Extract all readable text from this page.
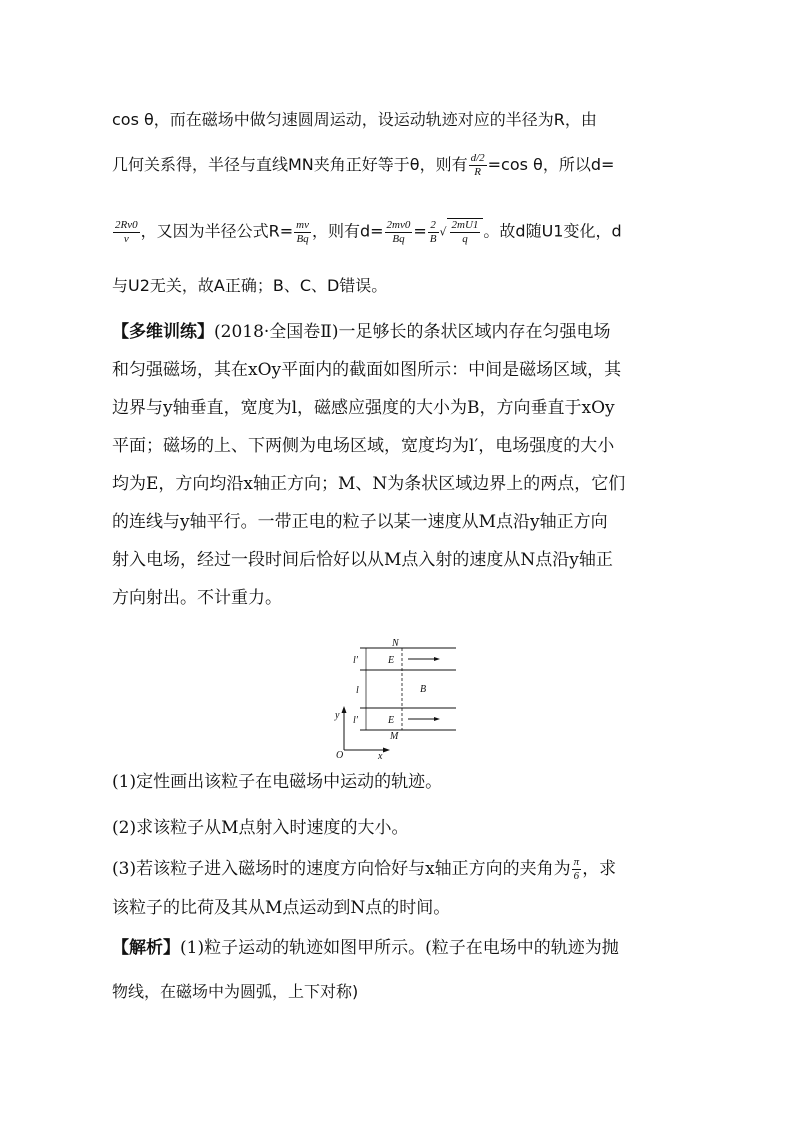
cos θ，而在磁场中做匀速圆周运动，设运动轨迹对应的半径为R，由
几何关系得，半径与直线MN夹角正好等于θ，则有 $\frac{d/2}{R} =\cos$ θ，所以d=
$\frac{2Rv0}{v}$ ，又因为半径公式$R= \frac{mv}{Bq}$ ，则有$d= \frac{2mv0}{Bq} = \frac{2}{B}$ √ $\frac{2mU1}{q}$ 。故d随U1变化，d
与U2无关，故A正确；B、C、D错误。
【多维训练】(2018·全国卷Ⅱ)一足够长的条状区域内存在匀强电场
和匀强磁场，其在xOy平面内的截面如图所示：中间是磁场区域，其
边界与y轴垂直，宽度为l，磁感应强度的大小为B，方向垂直于xOy
平面；磁场的上、下两侧为电场区域，宽度均为l′，电场强度的大小
均为E，方向均沿x轴正方向；M、N为条状区域边界上的两点，它们
的连线与y轴平行。一带正电的粒子以某一速度从M点沿y轴正方向
射入电场，经过一段时间后恰好以从M点入射的速度从N点沿y轴正
方向射出。不计重力。
O	x
y
N
M
E
B
E
l′
l
l′
(1)定性画出该粒子在电磁场中运动的轨迹。
(2)求该粒子从M点射入时速度的大小。
(3)若该粒子进入磁场时的速度方向恰好与x轴正方向的夹角为 $\frac{\pi}{6}$ ，求
该粒子的比荷及其从M点运动到N点的时间。
【解析】(1)粒子运动的轨迹如图甲所示。(粒子在电场中的轨迹为抛
物线，在磁场中为圆弧，上下对称)
